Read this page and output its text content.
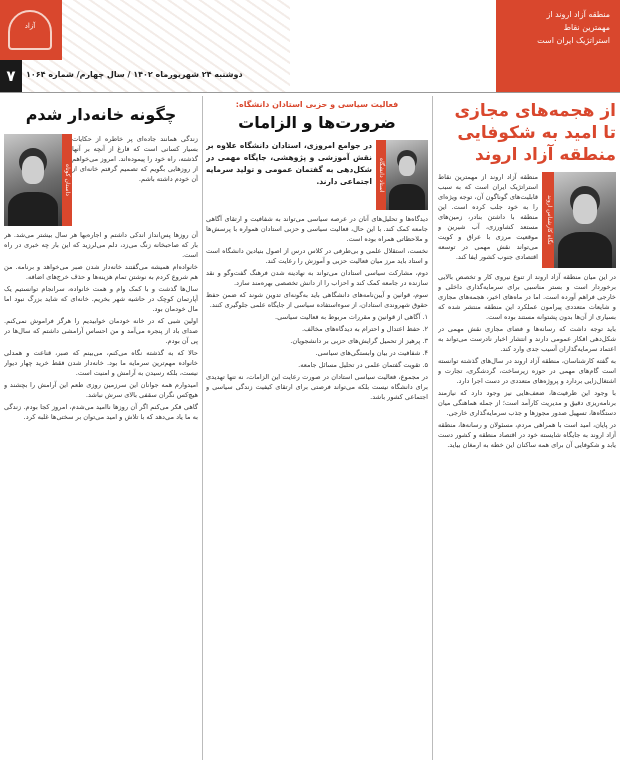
آزاد
۷	دوشنبه ۲۴ شهریورماه ۱۴۰۲ / سال چهارم/ شماره ۱۰۶۴
منطقه آزاد اروند از
مهمترین نقاط
استراتژیک ایران است
از هجمه‌های مجازی
تا امید به شکوفایی
منطقه آزاد اروند
نگاه کارشناس اروند

منطقه آزاد اروند از مهمترین نقاط استراتژیک ایران است که به سبب قابلیت‌های گوناگون آن، توجه ویژه‌ای را به خود جلب کرده است. این منطقه با داشتن بنادر، زمین‌های مستعد کشاورزی، آب شیرین و موقعیت مرزی با عراق و کویت می‌تواند نقش مهمی در توسعه اقتصادی جنوب کشور ایفا کند.

در این میان منطقه آزاد اروند از تنوع نیروی کار و تخصص بالایی برخوردار است و بستر مناسبی برای سرمایه‌گذاری داخلی و خارجی فراهم آورده است. اما در ماه‌های اخیر، هجمه‌های مجازی و شایعات متعددی پیرامون عملکرد این منطقه منتشر شده که بسیاری از آن‌ها بدون پشتوانه مستند بوده است.

باید توجه داشت که رسانه‌ها و فضای مجازی نقش مهمی در شکل‌دهی افکار عمومی دارند و انتشار اخبار نادرست می‌تواند به اعتماد سرمایه‌گذاران آسیب جدی وارد کند.

به گفته کارشناسان، منطقه آزاد اروند در سال‌های گذشته توانسته است گام‌های مهمی در حوزه زیرساخت، گردشگری، تجارت و اشتغال‌زایی بردارد و پروژه‌های متعددی در دست اجرا دارد.

با وجود این ظرفیت‌ها، ضعف‌هایی نیز وجود دارد که نیازمند برنامه‌ریزی دقیق و مدیریت کارآمد است؛ از جمله هماهنگی میان دستگاه‌ها، تسهیل صدور مجوزها و جذب سرمایه‌گذاری خارجی.

در پایان، امید است با همراهی مردم، مسئولان و رسانه‌ها، منطقه آزاد اروند به جایگاه شایسته خود در اقتصاد منطقه و کشور دست یابد و شکوفایی آن برای همه ساکنان این خطه به ارمغان بیاید.

فعالیت سیاسی و حزبی استادان دانشگاه:
ضرورت‌ها و الزامات
استاد دانشگاه

در جوامع امروزی، استادان دانشگاه علاوه بر نقش آموزشی و پژوهشی، جایگاه مهمی در شکل‌دهی به گفتمان عمومی و تولید سرمایه اجتماعی دارند.

دیدگاه‌ها و تحلیل‌های آنان در عرصه سیاسی می‌تواند به شفافیت و ارتقای آگاهی جامعه کمک کند. با این حال، فعالیت سیاسی و حزبی استادان همواره با پرسش‌ها و ملاحظاتی همراه بوده است.

نخست، استقلال علمی و بی‌طرفی در کلاس درس از اصول بنیادین دانشگاه است و استاد باید مرز میان فعالیت حزبی و آموزش را رعایت کند.

دوم، مشارکت سیاسی استادان می‌تواند به نهادینه شدن فرهنگ گفت‌وگو و نقد سازنده در جامعه کمک کند و احزاب را از دانش تخصصی بهره‌مند سازد.

سوم، قوانین و آیین‌نامه‌های دانشگاهی باید به‌گونه‌ای تدوین شوند که ضمن حفظ حقوق شهروندی استادان، از سوءاستفاده سیاسی از جایگاه علمی جلوگیری کنند.

۱. آگاهی از قوانین و مقررات مربوط به فعالیت سیاسی.

۲. حفظ اعتدال و احترام به دیدگاه‌های مخالف.

۳. پرهیز از تحمیل گرایش‌های حزبی بر دانشجویان.

۴. شفافیت در بیان وابستگی‌های سیاسی.

۵. تقویت گفتمان علمی در تحلیل مسائل جامعه.

در مجموع، فعالیت سیاسی استادان در صورت رعایت این الزامات، نه تنها تهدیدی برای دانشگاه نیست بلکه می‌تواند فرصتی برای ارتقای کیفیت زندگی سیاسی و اجتماعی کشور باشد.

چگونه خانه‌دار شدم

زندگی همانند جاده‌ای پر خاطره از حکایات بسیار کسانی است که فارغ از آنچه بر آنها گذشته، راه خود را پیموده‌اند. امروز می‌خواهم از روزهایی بگویم که تصمیم گرفتم خانه‌ای از آن خودم داشته باشم.

داستان کوتاه

آن روزها پس‌انداز اندکی داشتم و اجاره‌بها هر سال بیشتر می‌شد. هر بار که صاحبخانه زنگ می‌زد، دلم می‌لرزید که این بار چه خبری در راه است.

خانواده‌ام همیشه می‌گفتند خانه‌دار شدن صبر می‌خواهد و برنامه. من هم شروع کردم به نوشتن تمام هزینه‌ها و حذف خرج‌های اضافه.

سال‌ها گذشت و با کمک وام و همت خانواده، سرانجام توانستیم یک آپارتمان کوچک در حاشیه شهر بخریم. خانه‌ای که شاید بزرگ نبود اما مال خودمان بود.

اولین شبی که در خانه خودمان خوابیدیم را هرگز فراموش نمی‌کنم. صدای باد از پنجره می‌آمد و من احساس آرامشی داشتم که سال‌ها در پی آن بودم.

حالا که به گذشته نگاه می‌کنم، می‌بینم که صبر، قناعت و همدلی خانواده مهم‌ترین سرمایه ما بود. خانه‌دار شدن فقط خرید چهار دیوار نیست، بلکه رسیدن به آرامش و امنیت است.

امیدوارم همه جوانان این سرزمین روزی طعم این آرامش را بچشند و هیچ‌کس نگران سقفی بالای سرش نباشد.

گاهی فکر می‌کنم اگر آن روزها ناامید می‌شدم، امروز کجا بودم. زندگی به ما یاد می‌دهد که با تلاش و امید می‌توان بر سختی‌ها غلبه کرد.
